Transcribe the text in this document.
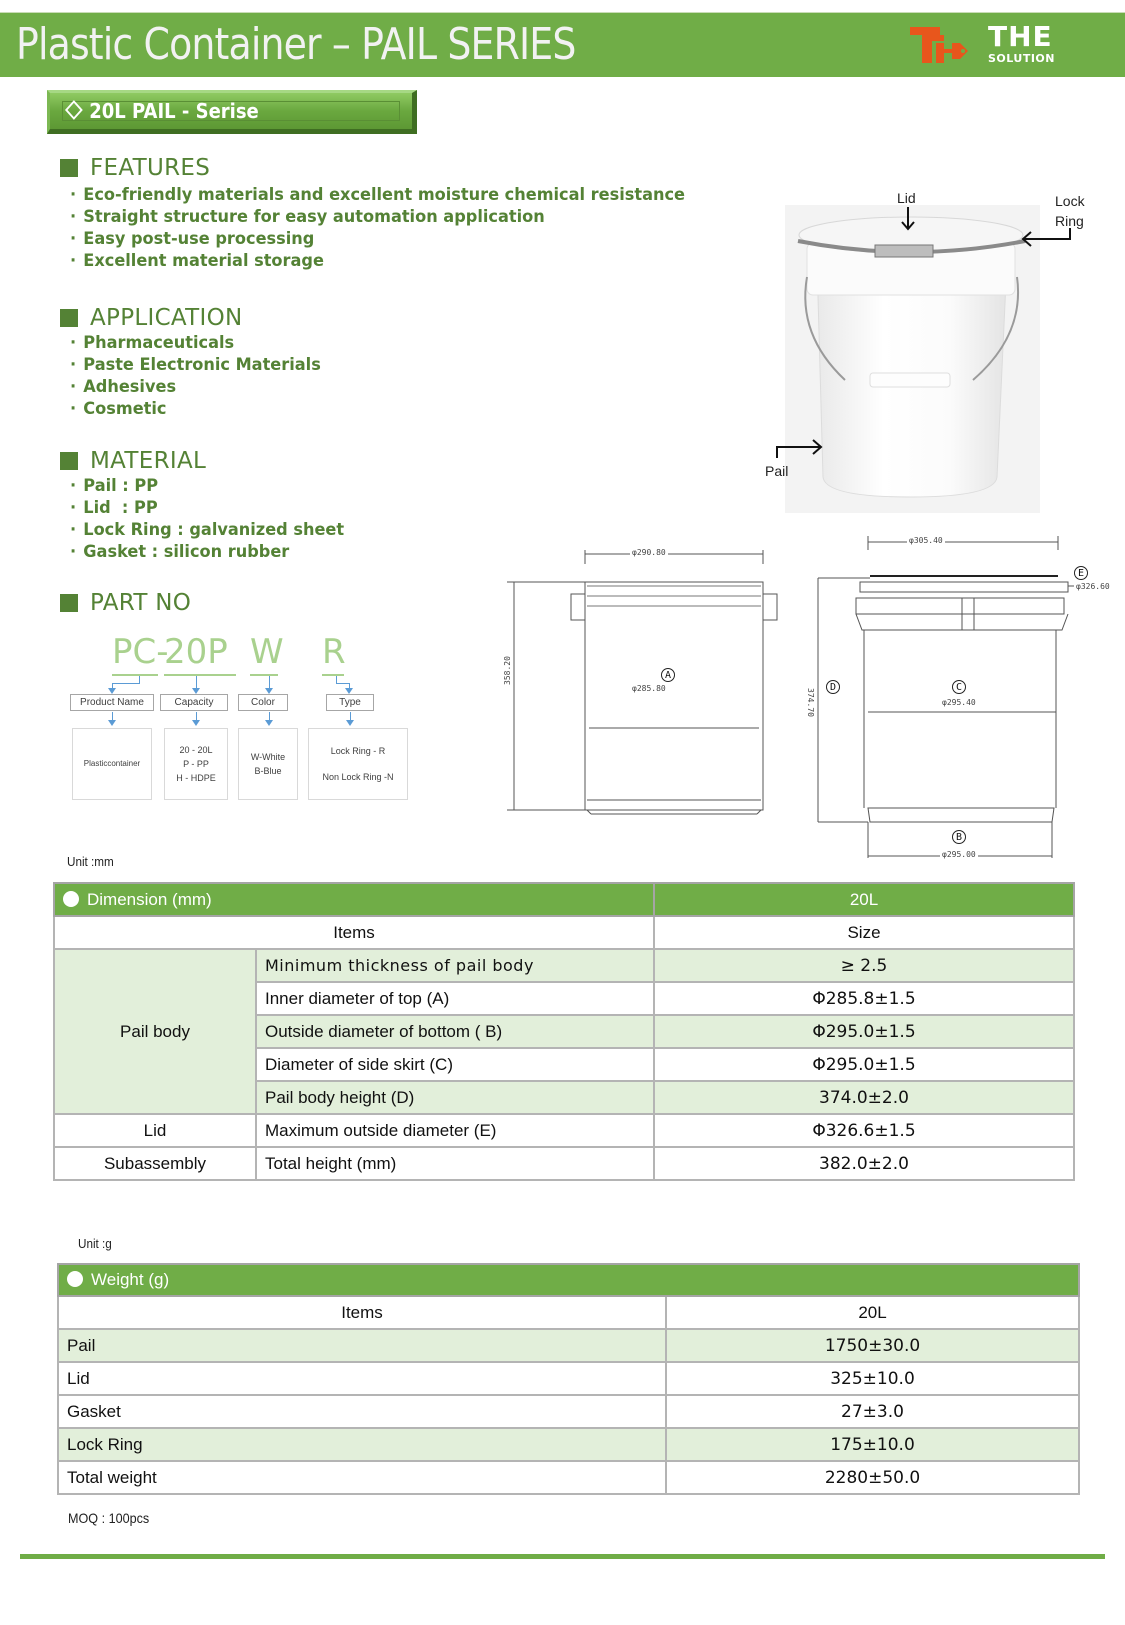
Plastic Container – PAIL SERIES	THE
SOLUTION
20L PAIL - Serise
FEATURES
· Eco-friendly materials and excellent moisture chemical resistance
· Straight structure for easy automation application
· Easy post-use processing
· Excellent material storage
APPLICATION
· Pharmaceuticals
· Paste Electronic Materials
· Adhesives
· Cosmetic
MATERIAL
· Pail : PP
· Lid  : PP
· Lock Ring : galvanized sheet
· Gasket : silicon rubber
PART NO
PC-
20P W R
Product Name	Capacity	Color	Type
Plasticcontainer
20 - 20L
P - PP
H - HDPE
W-White
B-Blue
Lock Ring - R
Non Lock Ring -N
Lid	Lock
Ring
Pail
φ290.80
A
φ285.80
358.20
φ305.40
E
φ326.60
C
φ295.40
D
374.70
B
φ295.00
Unit :mm
Dimension (mm)		20L
Items		Size
Pail body	Minimum thickness of pail body	≥ 2.5
	Inner diameter of top (A)	Φ285.8±1.5
	Outside diameter of bottom ( B)	Φ295.0±1.5
	Diameter of side skirt (C)	Φ295.0±1.5
	Pail body height (D)	374.0±2.0
Lid	Maximum outside diameter (E)	Φ326.6±1.5
Subassembly	Total height (mm)	382.0±2.0
Unit :g
Weight (g)	
Items	20L
Pail	1750±30.0
Lid	325±10.0
Gasket	27±3.0
Lock Ring	175±10.0
Total weight	2280±50.0
MOQ : 100pcs
